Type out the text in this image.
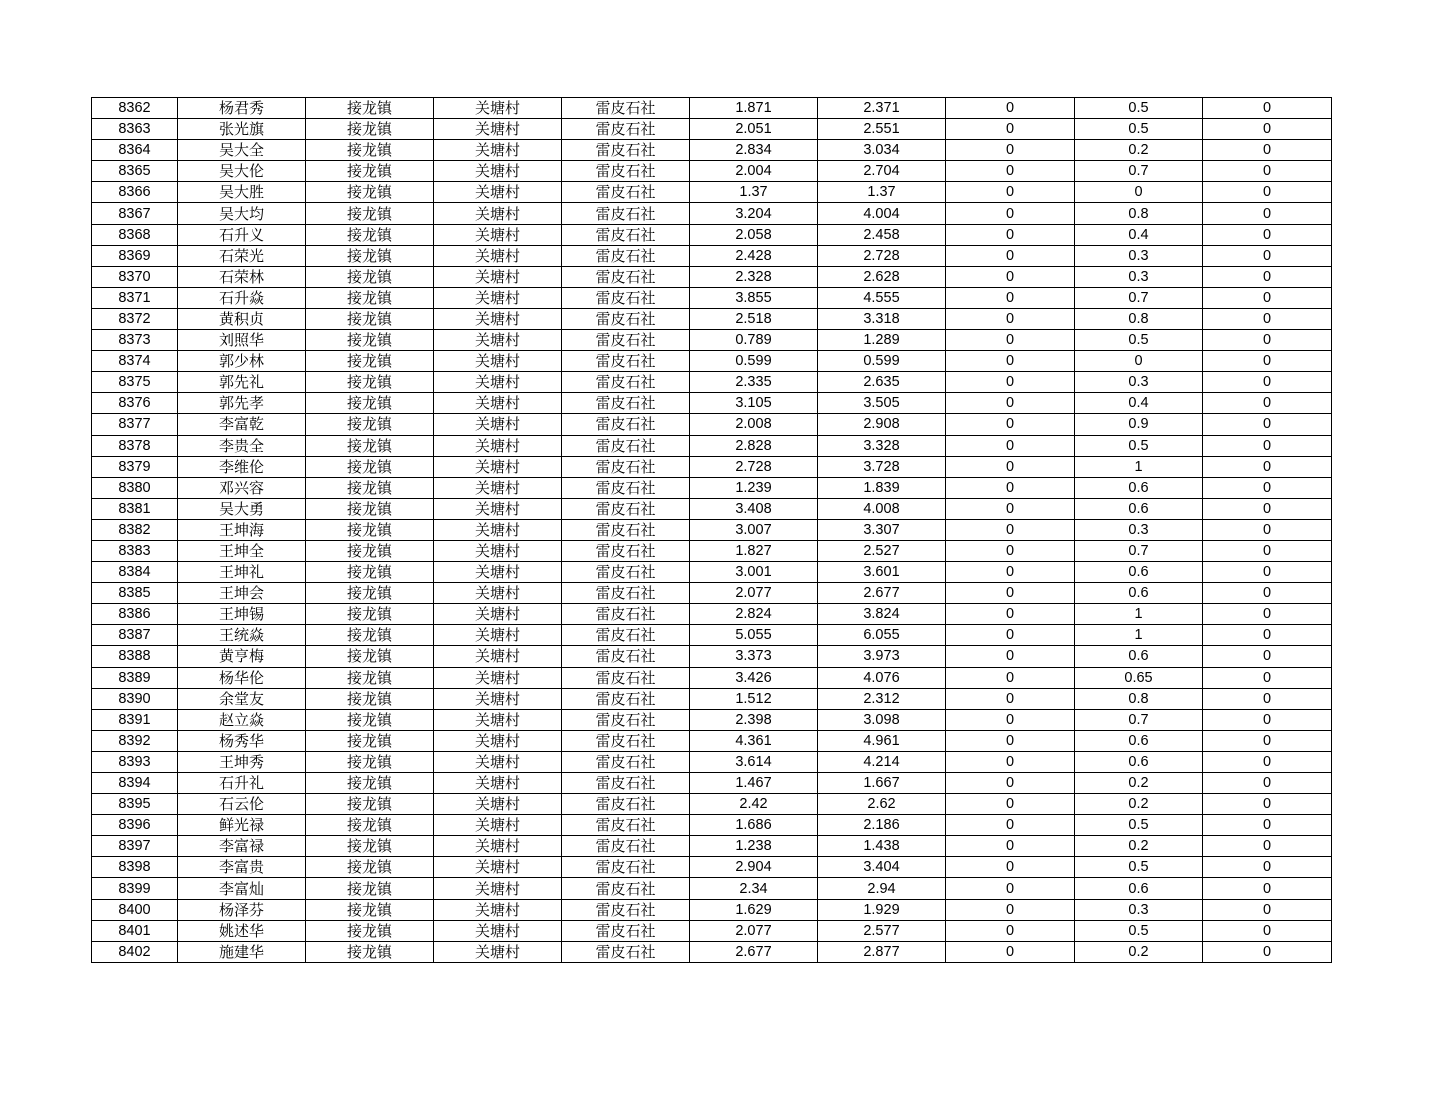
8362	杨君秀	接龙镇	关塘村	雷皮石社	1.871	2.371	0	0.5	0
8363	张光旗	接龙镇	关塘村	雷皮石社	2.051	2.551	0	0.5	0
8364	吴大全	接龙镇	关塘村	雷皮石社	2.834	3.034	0	0.2	0
8365	吴大伦	接龙镇	关塘村	雷皮石社	2.004	2.704	0	0.7	0
8366	吴大胜	接龙镇	关塘村	雷皮石社	1.37	1.37	0	0	0
8367	吴大均	接龙镇	关塘村	雷皮石社	3.204	4.004	0	0.8	0
8368	石升义	接龙镇	关塘村	雷皮石社	2.058	2.458	0	0.4	0
8369	石荣光	接龙镇	关塘村	雷皮石社	2.428	2.728	0	0.3	0
8370	石荣林	接龙镇	关塘村	雷皮石社	2.328	2.628	0	0.3	0
8371	石升焱	接龙镇	关塘村	雷皮石社	3.855	4.555	0	0.7	0
8372	黄积贞	接龙镇	关塘村	雷皮石社	2.518	3.318	0	0.8	0
8373	刘照华	接龙镇	关塘村	雷皮石社	0.789	1.289	0	0.5	0
8374	郭少林	接龙镇	关塘村	雷皮石社	0.599	0.599	0	0	0
8375	郭先礼	接龙镇	关塘村	雷皮石社	2.335	2.635	0	0.3	0
8376	郭先孝	接龙镇	关塘村	雷皮石社	3.105	3.505	0	0.4	0
8377	李富乾	接龙镇	关塘村	雷皮石社	2.008	2.908	0	0.9	0
8378	李贵全	接龙镇	关塘村	雷皮石社	2.828	3.328	0	0.5	0
8379	李维伦	接龙镇	关塘村	雷皮石社	2.728	3.728	0	1	0
8380	邓兴容	接龙镇	关塘村	雷皮石社	1.239	1.839	0	0.6	0
8381	吴大勇	接龙镇	关塘村	雷皮石社	3.408	4.008	0	0.6	0
8382	王坤海	接龙镇	关塘村	雷皮石社	3.007	3.307	0	0.3	0
8383	王坤全	接龙镇	关塘村	雷皮石社	1.827	2.527	0	0.7	0
8384	王坤礼	接龙镇	关塘村	雷皮石社	3.001	3.601	0	0.6	0
8385	王坤会	接龙镇	关塘村	雷皮石社	2.077	2.677	0	0.6	0
8386	王坤锡	接龙镇	关塘村	雷皮石社	2.824	3.824	0	1	0
8387	王统焱	接龙镇	关塘村	雷皮石社	5.055	6.055	0	1	0
8388	黄亨梅	接龙镇	关塘村	雷皮石社	3.373	3.973	0	0.6	0
8389	杨华伦	接龙镇	关塘村	雷皮石社	3.426	4.076	0	0.65	0
8390	余堂友	接龙镇	关塘村	雷皮石社	1.512	2.312	0	0.8	0
8391	赵立焱	接龙镇	关塘村	雷皮石社	2.398	3.098	0	0.7	0
8392	杨秀华	接龙镇	关塘村	雷皮石社	4.361	4.961	0	0.6	0
8393	王坤秀	接龙镇	关塘村	雷皮石社	3.614	4.214	0	0.6	0
8394	石升礼	接龙镇	关塘村	雷皮石社	1.467	1.667	0	0.2	0
8395	石云伦	接龙镇	关塘村	雷皮石社	2.42	2.62	0	0.2	0
8396	鲜光禄	接龙镇	关塘村	雷皮石社	1.686	2.186	0	0.5	0
8397	李富禄	接龙镇	关塘村	雷皮石社	1.238	1.438	0	0.2	0
8398	李富贵	接龙镇	关塘村	雷皮石社	2.904	3.404	0	0.5	0
8399	李富灿	接龙镇	关塘村	雷皮石社	2.34	2.94	0	0.6	0
8400	杨泽芬	接龙镇	关塘村	雷皮石社	1.629	1.929	0	0.3	0
8401	姚述华	接龙镇	关塘村	雷皮石社	2.077	2.577	0	0.5	0
8402	施建华	接龙镇	关塘村	雷皮石社	2.677	2.877	0	0.2	0
